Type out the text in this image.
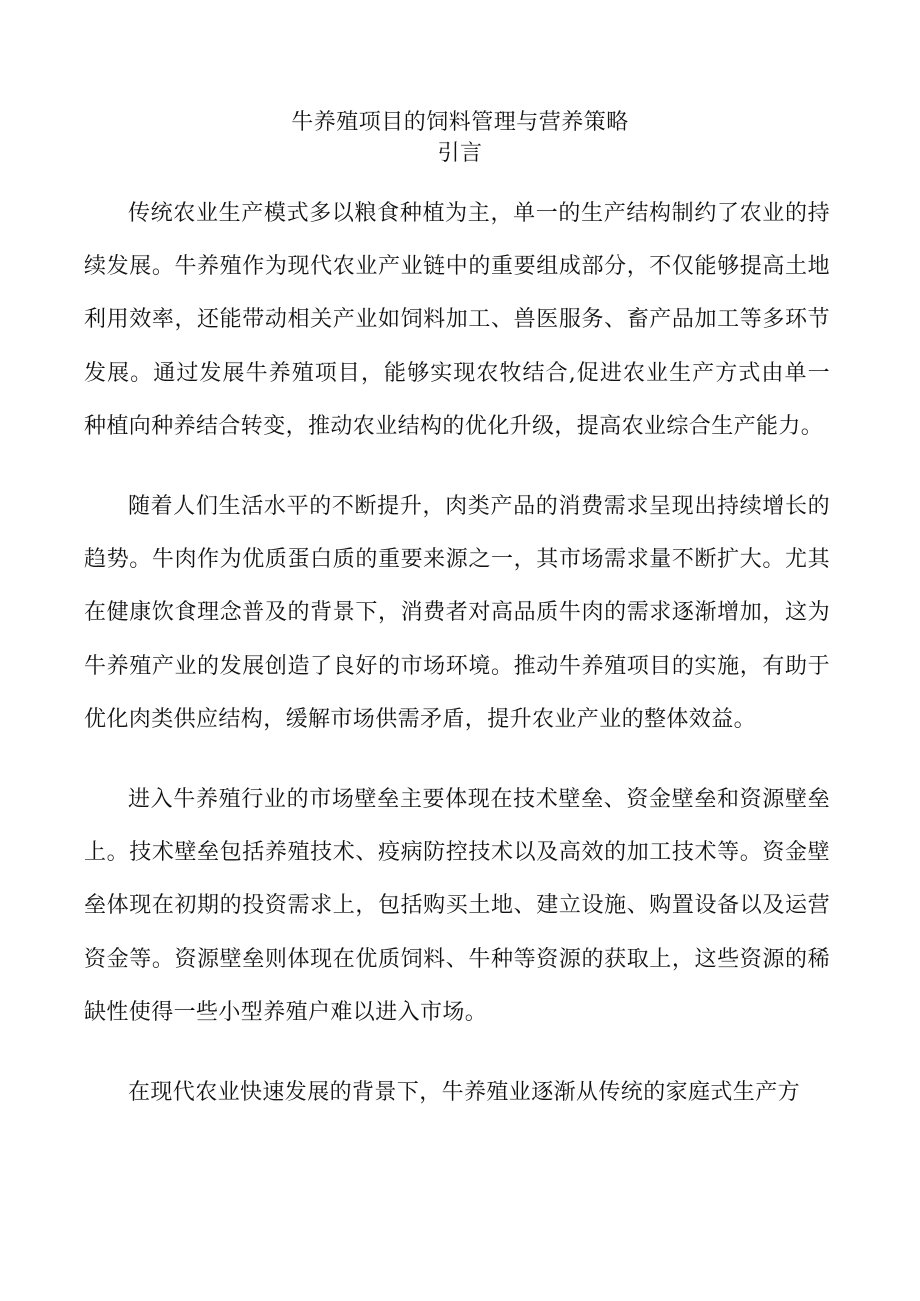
牛养殖项目的饲料管理与营养策略
引言

传统农业生产模式多以粮食种植为主，单一的生产结构制约了农业的持续发展。牛养殖作为现代农业产业链中的重要组成部分，不仅能够提高土地利用效率，还能带动相关产业如饲料加工、兽医服务、畜产品加工等多环节发展。通过发展牛养殖项目，能够实现农牧结合,促进农业生产方式由单一种植向种养结合转变，推动农业结构的优化升级，提高农业综合生产能力。

随着人们生活水平的不断提升，肉类产品的消费需求呈现出持续增长的趋势。牛肉作为优质蛋白质的重要来源之一，其市场需求量不断扩大。尤其在健康饮食理念普及的背景下，消费者对高品质牛肉的需求逐渐增加，这为牛养殖产业的发展创造了良好的市场环境。推动牛养殖项目的实施，有助于优化肉类供应结构，缓解市场供需矛盾，提升农业产业的整体效益。

进入牛养殖行业的市场壁垒主要体现在技术壁垒、资金壁垒和资源壁垒上。技术壁垒包括养殖技术、疫病防控技术以及高效的加工技术等。资金壁垒体现在初期的投资需求上，包括购买土地、建立设施、购置设备以及运营资金等。资源壁垒则体现在优质饲料、牛种等资源的获取上，这些资源的稀缺性使得一些小型养殖户难以进入市场。

在现代农业快速发展的背景下，牛养殖业逐渐从传统的家庭式生产方
